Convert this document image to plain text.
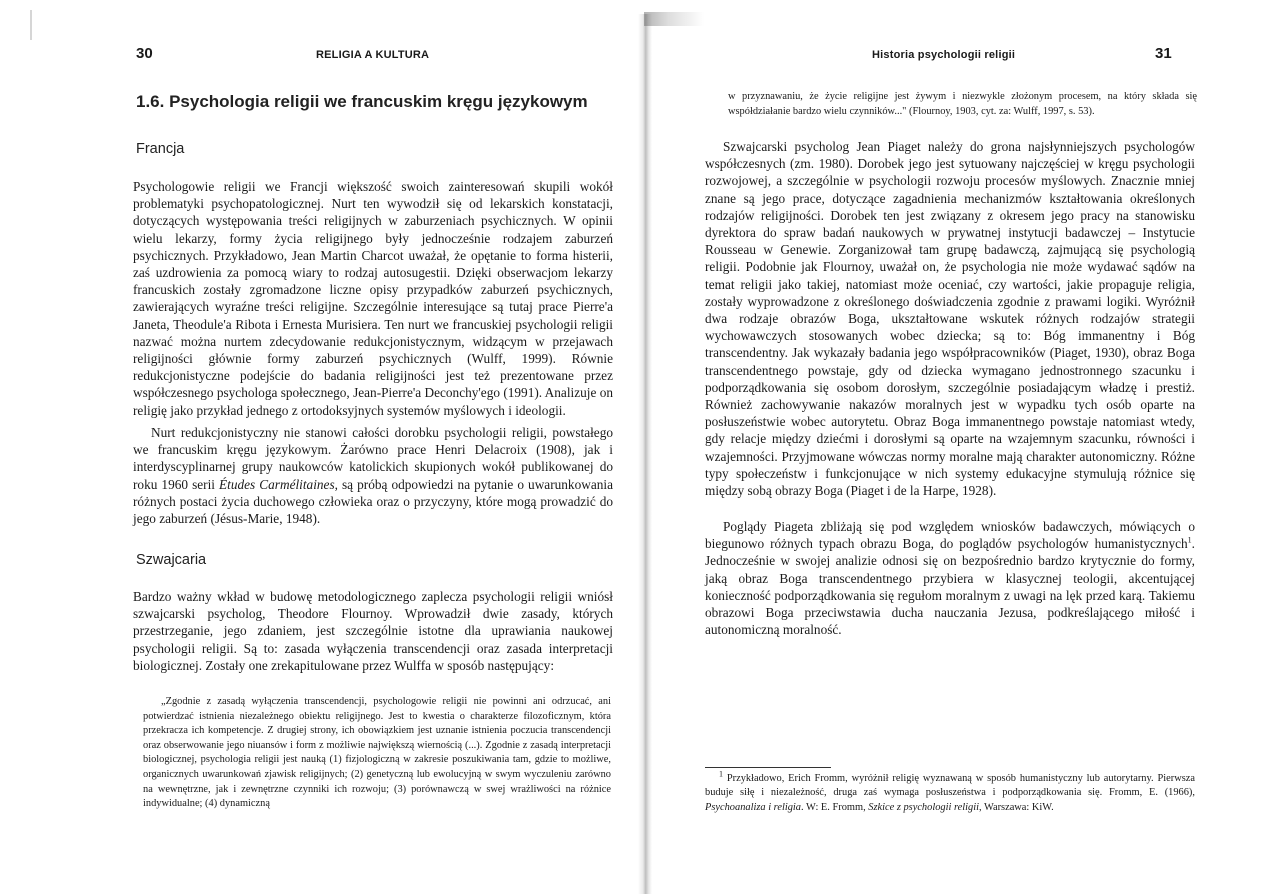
30	RELIGIA A KULTURA
1.6. Psychologia religii we francuskim kręgu językowym
Francja

Psychologowie religii we Francji większość swoich zainteresowań skupili wokół problematyki psychopatologicznej. Nurt ten wywodził się od lekarskich konstatacji, dotyczących występowania treści religijnych w zaburzeniach psychicznych. W opinii wielu lekarzy, formy życia religijnego były jednocześnie rodzajem zaburzeń psychicznych. Przykładowo, Jean Martin Charcot uważał, że opętanie to forma histerii, zaś uzdrowienia za pomocą wiary to rodzaj autosugestii. Dzięki obserwacjom lekarzy francuskich zostały zgromadzone liczne opisy przypadków zaburzeń psychicznych, zawierających wyraźne treści religijne. Szczególnie interesujące są tutaj prace Pierre'a Janeta, Theodule'a Ribota i Ernesta Murisiera. Ten nurt we francuskiej psychologii religii nazwać można nurtem zdecydowanie redukcjonistycznym, widzącym w przejawach religijności głównie formy zaburzeń psychicznych (Wulff, 1999). Równie redukcjonistyczne podejście do badania religijności jest też prezentowane przez współczesnego psychologa społecznego, Jean-Pierre'a Deconchy'ego (1991). Analizuje on religię jako przykład jednego z ortodoksyjnych systemów myślowych i ideologii.

Nurt redukcjonistyczny nie stanowi całości dorobku psychologii religii, powstałego we francuskim kręgu językowym. Żarówno prace Henri Delacroix (1908), jak i interdyscyplinarnej grupy naukowców katolickich skupionych wokół publikowanej do roku 1960 serii Études Carmélitaines, są próbą odpowiedzi na pytanie o uwarunkowania różnych postaci życia duchowego człowieka oraz o przyczyny, które mogą prowadzić do jego zaburzeń (Jésus-Marie, 1948).

Szwajcaria

Bardzo ważny wkład w budowę metodologicznego zaplecza psychologii religii wniósł szwajcarski psycholog, Theodore Flournoy. Wprowadził dwie zasady, których przestrzeganie, jego zdaniem, jest szczególnie istotne dla uprawiania naukowej psychologii religii. Są to: zasada wyłączenia transcendencji oraz zasada interpretacji biologicznej. Zostały one zrekapitulowane przez Wulffa w sposób następujący:

„Zgodnie z zasadą wyłączenia transcendencji, psychologowie religii nie powinni ani odrzucać, ani potwierdzać istnienia niezależnego obiektu religijnego. Jest to kwestia o charakterze filozoficznym, która przekracza ich kompetencje. Z drugiej strony, ich obowiązkiem jest uznanie istnienia poczucia transcendencji oraz obserwowanie jego niuansów i form z możliwie największą wiernością (...). Zgodnie z zasadą interpretacji biologicznej, psychologia religii jest nauką (1) fizjologiczną w zakresie poszukiwania tam, gdzie to możliwe, organicznych uwarunkowań zjawisk religijnych; (2) genetyczną lub ewolucyjną w swym wyczuleniu zarówno na wewnętrzne, jak i zewnętrzne czynniki ich rozwoju; (3) porównawczą w swej wrażliwości na różnice indywidualne; (4) dynamiczną

Historia psychologii religii	31

w przyznawaniu, że życie religijne jest żywym i niezwykle złożonym procesem, na który składa się współdziałanie bardzo wielu czynników..." (Flournoy, 1903, cyt. za: Wulff, 1997, s. 53).

Szwajcarski psycholog Jean Piaget należy do grona najsłynniejszych psychologów współczesnych (zm. 1980). Dorobek jego jest sytuowany najczęściej w kręgu psychologii rozwojowej, a szczególnie w psychologii rozwoju procesów myślowych. Znacznie mniej znane są jego prace, dotyczące zagadnienia mechanizmów kształtowania określonych rodzajów religijności. Dorobek ten jest związany z okresem jego pracy na stanowisku dyrektora do spraw badań naukowych w prywatnej instytucji badawczej – Instytucie Rousseau w Genewie. Zorganizował tam grupę badawczą, zajmującą się psychologią religii. Podobnie jak Flournoy, uważał on, że psychologia nie może wydawać sądów na temat religii jako takiej, natomiast może oceniać, czy wartości, jakie propaguje religia, zostały wyprowadzone z określonego doświadczenia zgodnie z prawami logiki. Wyróżnił dwa rodzaje obrazów Boga, ukształtowane wskutek różnych rodzajów strategii wychowawczych stosowanych wobec dziecka; są to: Bóg immanentny i Bóg transcendentny. Jak wykazały badania jego współpracowników (Piaget, 1930), obraz Boga transcendentnego powstaje, gdy od dziecka wymagano jednostronnego szacunku i podporządkowania się osobom dorosłym, szczególnie posiadającym władzę i prestiż. Również zachowywanie nakazów moralnych jest w wypadku tych osób oparte na posłuszeństwie wobec autorytetu. Obraz Boga immanentnego powstaje natomiast wtedy, gdy relacje między dziećmi i dorosłymi są oparte na wzajemnym szacunku, równości i wzajemności. Przyjmowane wówczas normy moralne mają charakter autonomiczny. Różne typy społeczeństw i funkcjonujące w nich systemy edukacyjne stymulują różnice się między sobą obrazy Boga (Piaget i de la Harpe, 1928).

Poglądy Piageta zbliżają się pod względem wniosków badawczych, mówiących o biegunowo różnych typach obrazu Boga, do poglądów psychologów humanistycznych$^1$. Jednocześnie w swojej analizie odnosi się on bezpośrednio bardzo krytycznie do formy, jaką obraz Boga transcendentnego przybiera w klasycznej teologii, akcentującej konieczność podporządkowania się regułom moralnym z uwagi na lęk przed karą. Takiemu obrazowi Boga przeciwstawia ducha nauczania Jezusa, podkreślającego miłość i autonomiczną moralność.

$^1$ Przykładowo, Erich Fromm, wyróżnił religię wyznawaną w sposób humanistyczny lub autorytarny. Pierwsza buduje siłę i niezależność, druga zaś wymaga posłuszeństwa i podporządkowania się. Fromm, E. (1966), Psychoanaliza i religia. W: E. Fromm, Szkice z psychologii religii, Warszawa: KiW.
